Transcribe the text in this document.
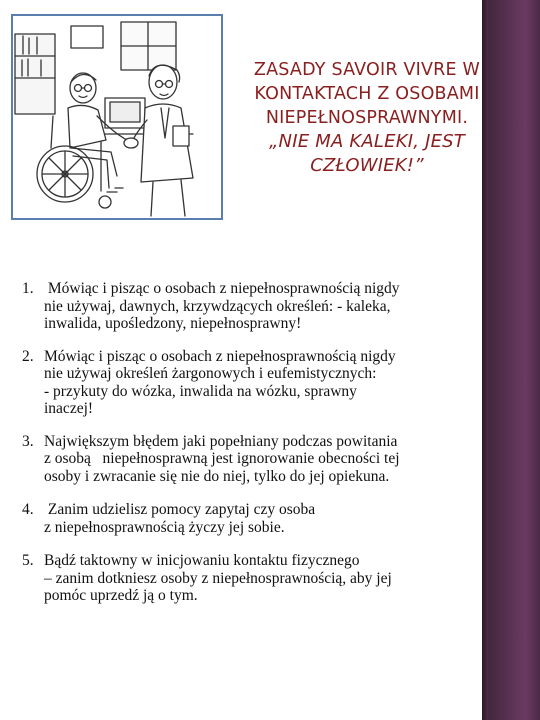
ZASADY SAVOIR VIVRE W
KONTAKTACH Z OSOBAMI
NIEPEŁNOSPRAWNYMI.
„NIE MA KALEKI, JEST
CZŁOWIEK!”
1. Mówiąc i pisząc o osobach z niepełnosprawnością nigdy
nie używaj, dawnych, krzywdzących określeń: - kaleka,
inwalida, upośledzony, niepełnosprawny!
2. Mówiąc i pisząc o osobach z niepełnosprawnością nigdy
nie używaj określeń żargonowych i eufemistycznych:
- przykuty do wózka, inwalida na wózku, sprawny
inaczej!
3. Największym błędem jaki popełniany podczas powitania
z osobą   niepełnosprawną jest ignorowanie obecności tej
osoby i zwracanie się nie do niej, tylko do jej opiekuna.
4. Zanim udzielisz pomocy zapytaj czy osoba
z niepełnosprawnością życzy jej sobie.
5. Bądź taktowny w inicjowaniu kontaktu fizycznego
– zanim dotkniesz osoby z niepełnosprawnością, aby jej
pomóc uprzedź ją o tym.
